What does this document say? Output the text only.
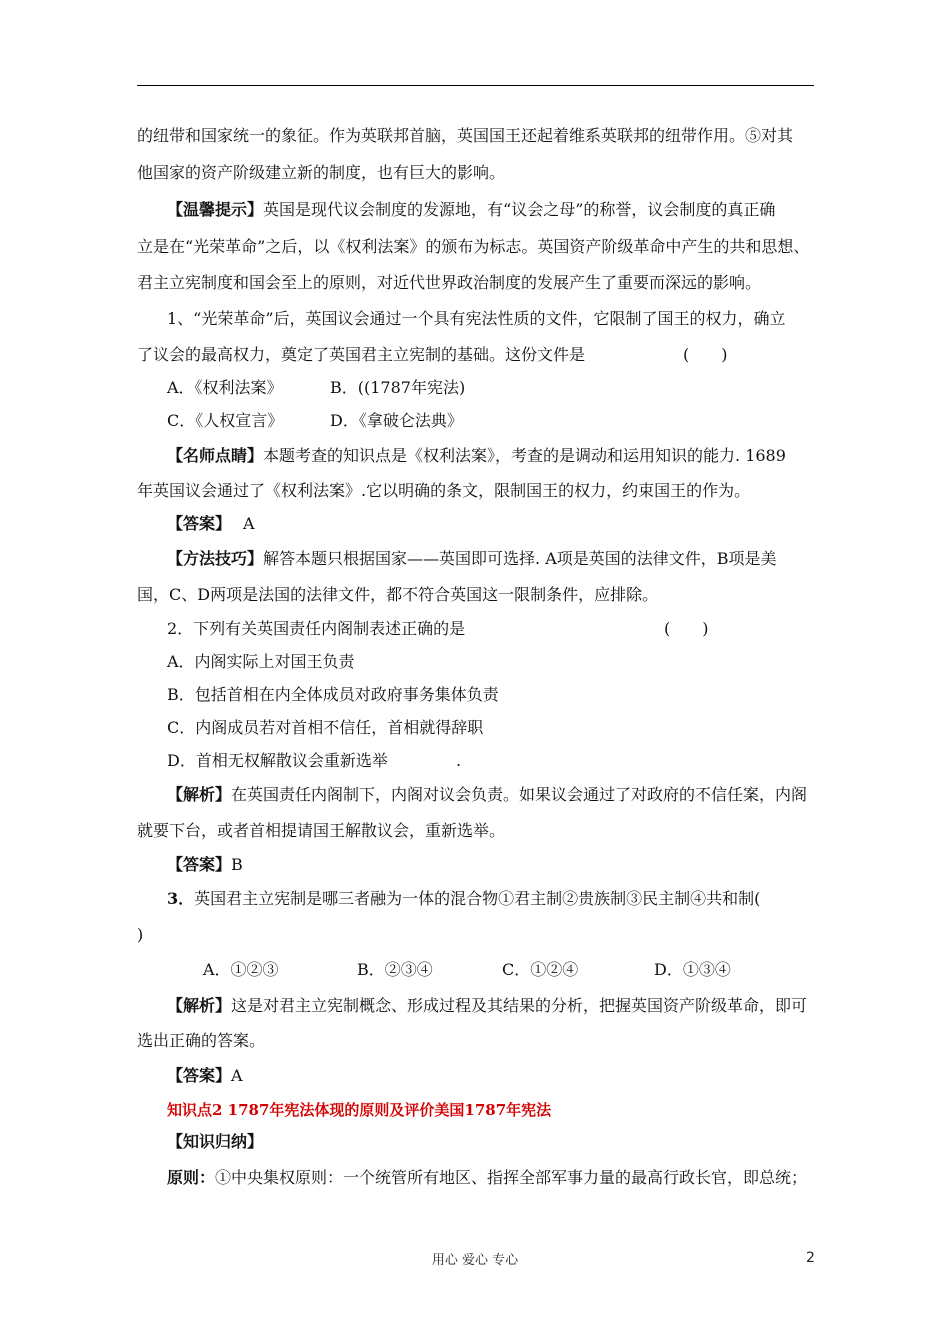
的纽带和国家统一的象征。作为英联邦首脑，英国国王还起着维系英联邦的纽带作用。⑤对其
他国家的资产阶级建立新的制度，也有巨大的影响。
【温馨提示】英国是现代议会制度的发源地，有“议会之母”的称誉，议会制度的真正确
立是在“光荣革命”之后，以《权利法案》的颁布为标志。英国资产阶级革命中产生的共和思想、
君主立宪制度和国会至上的原则，对近代世界政治制度的发展产生了重要而深远的影响。
1、“光荣革命”后，英国议会通过一个具有宪法性质的文件，它限制了国王的权力，确立
了议会的最高权力，奠定了英国君主立宪制的基础。这份文件是	(　　)
A．《权利法案》	B．((1787年宪法)
C．《人权宣言》	D．《拿破仑法典》
【名师点睛】本题考查的知识点是《权利法案》，考查的是调动和运用知识的能力. 1689
年英国议会通过了《权利法案》.它以明确的条文，限制国王的权力，约束国王的作为。
【答案】 A
【方法技巧】解答本题只根据国家——英国即可选择. A项是英国的法律文件，B项是美
国，C、D两项是法国的法律文件，都不符合英国这一限制条件，应排除。
2．下列有关英国责任内阁制表述正确的是	(　　)
A．内阁实际上对国王负责
B．包括首相在内全体成员对政府事务集体负责
C．内阁成员若对首相不信任，首相就得辞职
D．首相无权解散议会重新选举	.
【解析】在英国责任内阁制下，内阁对议会负责。如果议会通过了对政府的不信任案，内阁
就要下台，或者首相提请国王解散议会，重新选举。
【答案】B
3．英国君主立宪制是哪三者融为一体的混合物①君主制②贵族制③民主制④共和制(
)
A．①②③	B．②③④	C．①②④	D．①③④
【解析】这是对君主立宪制概念、形成过程及其结果的分析，把握英国资产阶级革命，即可
选出正确的答案。
【答案】A
知识点2 1787年宪法体现的原则及评价美国1787年宪法
【知识归纳】
原则：①中央集权原则：一个统管所有地区、指挥全部军事力量的最高行政长官，即总统；
用心 爱心 专心	2
